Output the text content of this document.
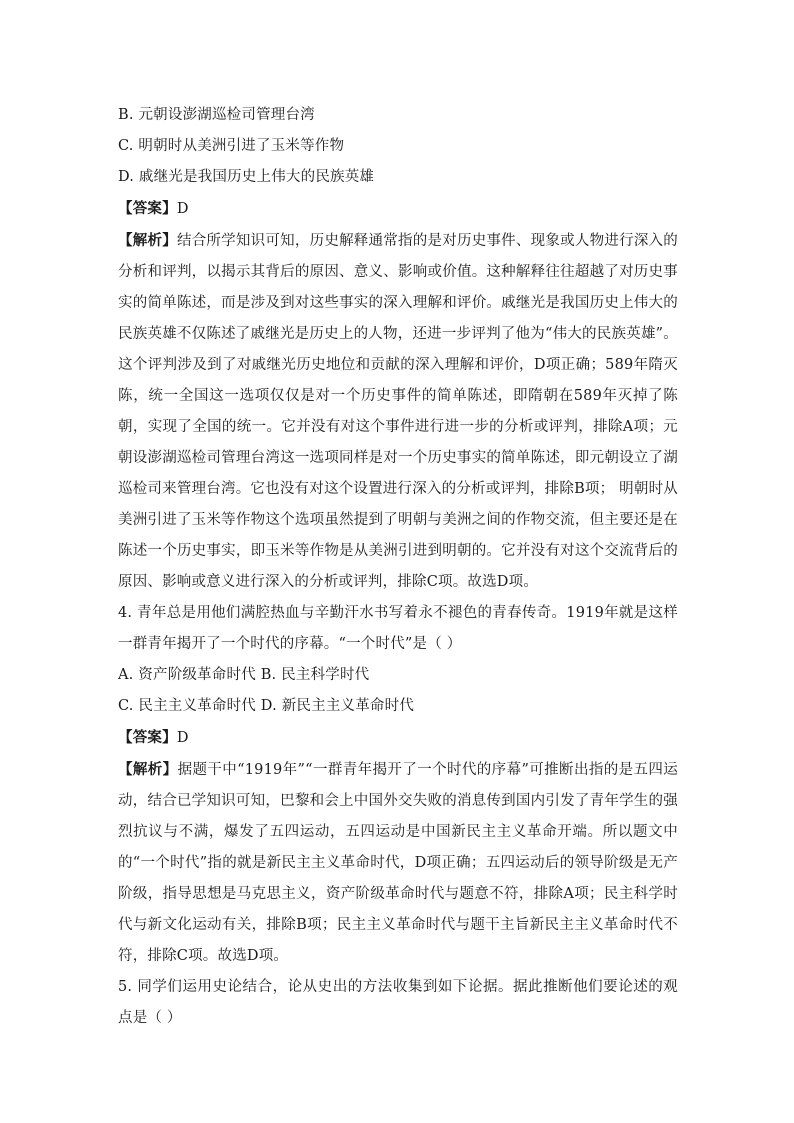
B. 元朝设澎湖巡检司管理台湾

C. 明朝时从美洲引进了玉米等作物

D. 戚继光是我国历史上伟大的民族英雄

【答案】D

【解析】结合所学知识可知，历史解释通常指的是对历史事件、现象或人物进行深入的分析和评判，以揭示其背后的原因、意义、影响或价值。这种解释往往超越了对历史事实的简单陈述，而是涉及到对这些事实的深入理解和评价。戚继光是我国历史上伟大的民族英雄不仅陈述了戚继光是历史上的人物，还进一步评判了他为“伟大的民族英雄”。这个评判涉及到了对戚继光历史地位和贡献的深入理解和评价，D项正确；589年隋灭陈，统一全国这一选项仅仅是对一个历史事件的简单陈述，即隋朝在589年灭掉了陈朝，实现了全国的统一。它并没有对这个事件进行进一步的分析或评判，排除A项；元朝设澎湖巡检司管理台湾这一选项同样是对一个历史事实的简单陈述，即元朝设立了湖巡检司来管理台湾。它也没有对这个设置进行深入的分析或评判，排除B项； 明朝时从美洲引进了玉米等作物这个选项虽然提到了明朝与美洲之间的作物交流，但主要还是在陈述一个历史事实，即玉米等作物是从美洲引进到明朝的。它并没有对这个交流背后的原因、影响或意义进行深入的分析或评判，排除C项。故选D项。

4. 青年总是用他们满腔热血与辛勤汗水书写着永不褪色的青春传奇。1919年就是这样一群青年揭开了一个时代的序幕。“一个时代”是（ ）

A. 资产阶级革命时代 B. 民主科学时代

C. 民主主义革命时代 D. 新民主主义革命时代

【答案】D

【解析】据题干中“1919年”“一群青年揭开了一个时代的序幕”可推断出指的是五四运动，结合已学知识可知，巴黎和会上中国外交失败的消息传到国内引发了青年学生的强烈抗议与不满，爆发了五四运动，五四运动是中国新民主主义革命开端。所以题文中的“一个时代”指的就是新民主主义革命时代，D项正确；五四运动后的领导阶级是无产阶级，指导思想是马克思主义，资产阶级革命时代与题意不符，排除A项；民主科学时代与新文化运动有关，排除B项；民主主义革命时代与题干主旨新民主主义革命时代不符，排除C项。故选D项。

5. 同学们运用史论结合，论从史出的方法收集到如下论据。据此推断他们要论述的观点是（ ）
